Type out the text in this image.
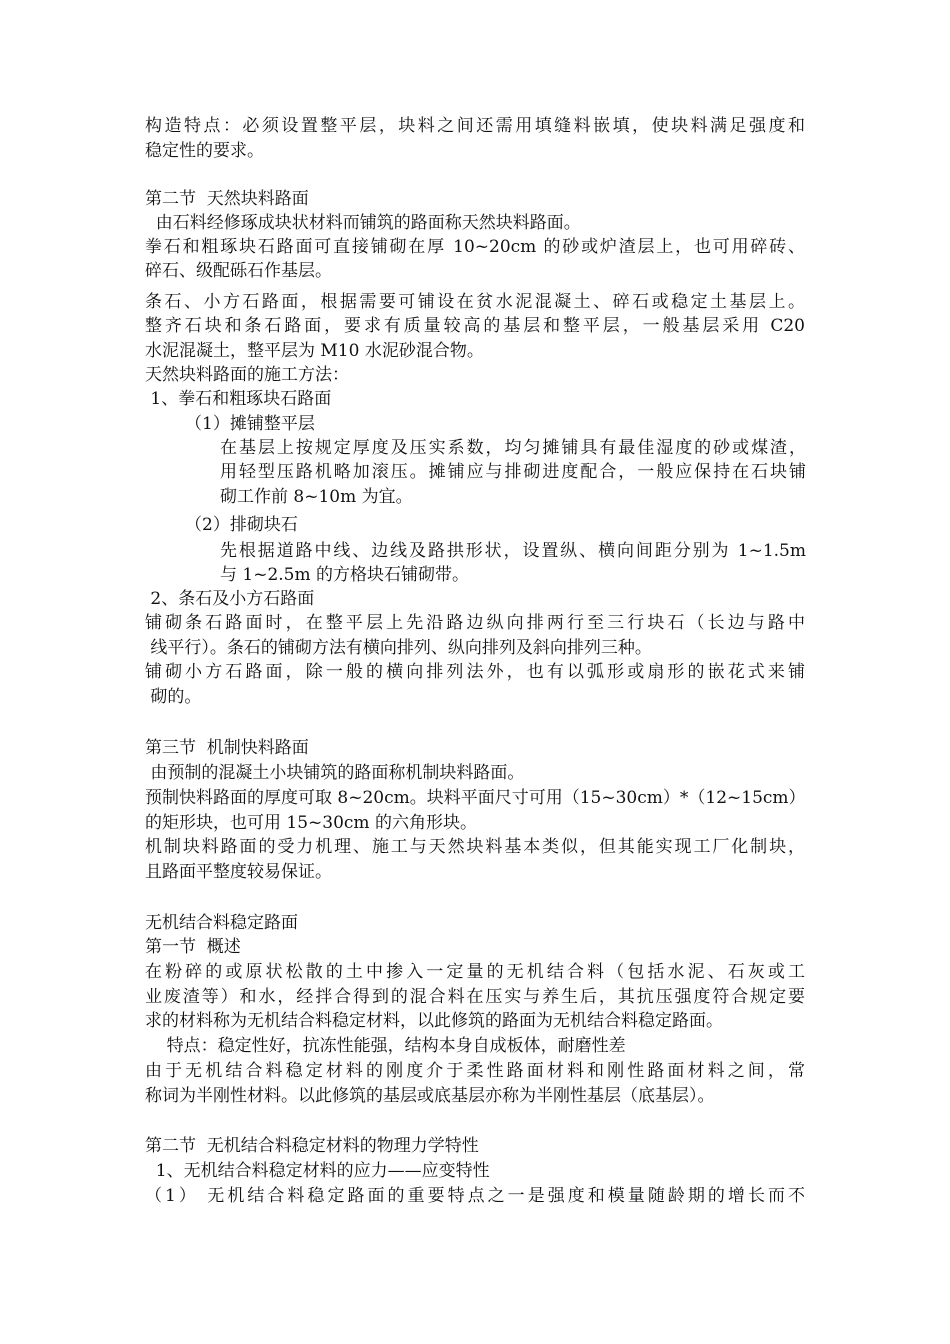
构造特点：必须设置整平层，块料之间还需用填缝料嵌填，使块料满足强度和
稳定性的要求。
第二节  天然块料路面
由石料经修琢成块状材料而铺筑的路面称天然块料路面。
拳石和粗琢块石路面可直接铺砌在厚 10~20cm 的砂或炉渣层上，也可用碎砖、
碎石、级配砾石作基层。
条石、小方石路面，根据需要可铺设在贫水泥混凝土、碎石或稳定土基层上。
整齐石块和条石路面，要求有质量较高的基层和整平层，一般基层采用 C20
水泥混凝土，整平层为 M10 水泥砂混合物。
天然块料路面的施工方法：
1、拳石和粗琢块石路面
（1）摊铺整平层
在基层上按规定厚度及压实系数，均匀摊铺具有最佳湿度的砂或煤渣，
用轻型压路机略加滚压。摊铺应与排砌进度配合，一般应保持在石块铺
砌工作前 8~10m 为宜。
（2）排砌块石
先根据道路中线、边线及路拱形状，设置纵、横向间距分别为 1~1.5m
与 1~2.5m 的方格块石铺砌带。
2、条石及小方石路面
铺砌条石路面时，在整平层上先沿路边纵向排两行至三行块石（长边与路中
线平行）。条石的铺砌方法有横向排列、纵向排列及斜向排列三种。
铺砌小方石路面，除一般的横向排列法外，也有以弧形或扇形的嵌花式来铺
砌的。
第三节  机制快料路面
由预制的混凝土小块铺筑的路面称机制块料路面。
预制快料路面的厚度可取 8~20cm。块料平面尺寸可用（15~30cm）*（12~15cm）
的矩形块，也可用 15~30cm 的六角形块。
机制块料路面的受力机理、施工与天然块料基本类似，但其能实现工厂化制块，
且路面平整度较易保证。
无机结合料稳定路面
第一节  概述
在粉碎的或原状松散的土中掺入一定量的无机结合料（包括水泥、石灰或工
业废渣等）和水，经拌合得到的混合料在压实与养生后，其抗压强度符合规定要
求的材料称为无机结合料稳定材料，以此修筑的路面为无机结合料稳定路面。
特点：稳定性好，抗冻性能强，结构本身自成板体，耐磨性差
由于无机结合料稳定材料的刚度介于柔性路面材料和刚性路面材料之间，常
称词为半刚性材料。以此修筑的基层或底基层亦称为半刚性基层（底基层）。
第二节  无机结合料稳定材料的物理力学特性
1、无机结合料稳定材料的应力——应变特性
（1） 无机结合料稳定路面的重要特点之一是强度和模量随龄期的增长而不
